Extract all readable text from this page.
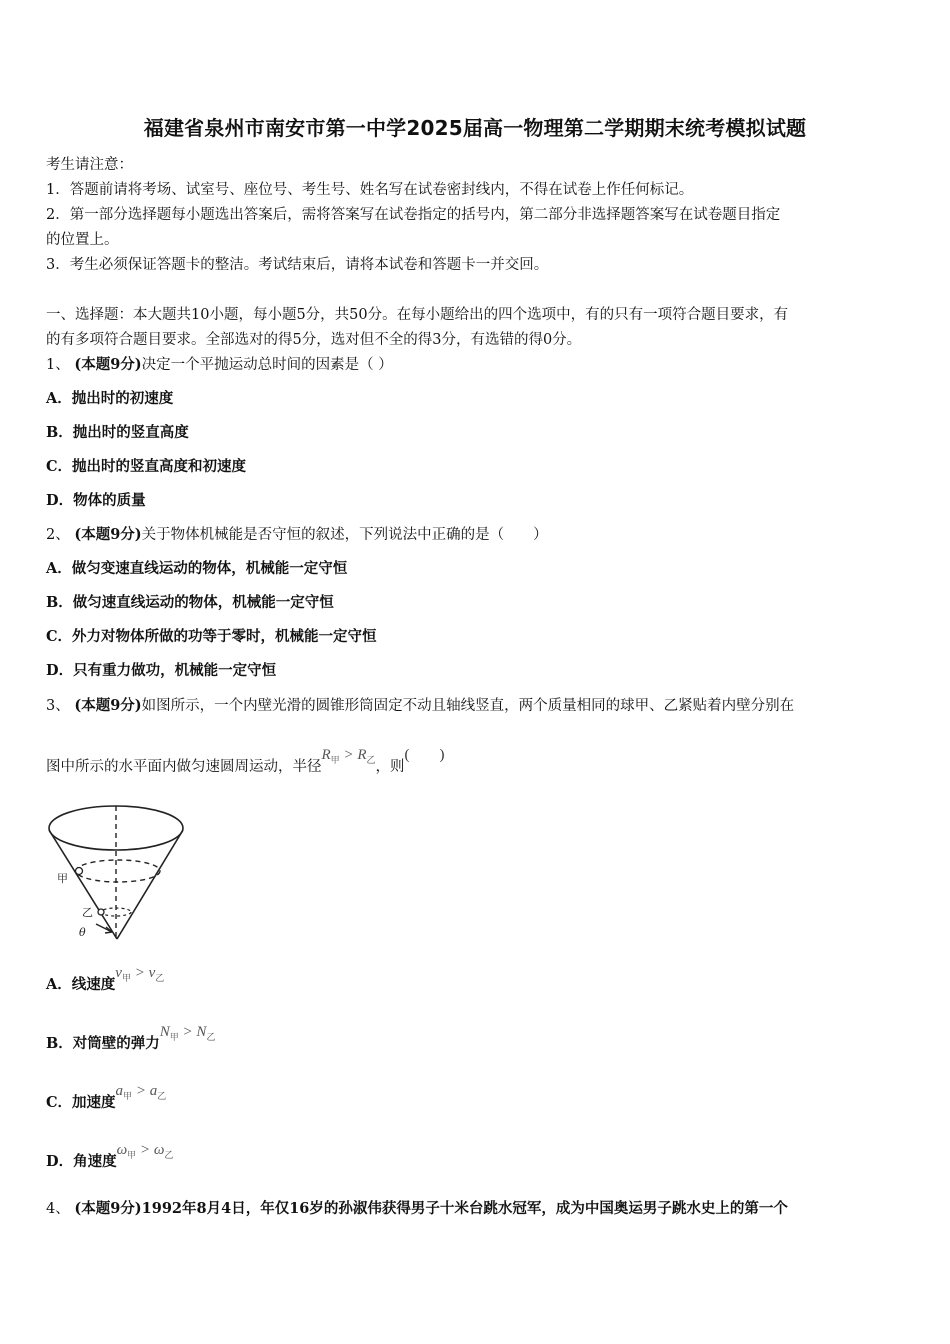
福建省泉州市南安市第一中学2025届高一物理第二学期期末统考模拟试题
考生请注意：
1．答题前请将考场、试室号、座位号、考生号、姓名写在试卷密封线内，不得在试卷上作任何标记。
2．第一部分选择题每小题选出答案后，需将答案写在试卷指定的括号内，第二部分非选择题答案写在试卷题目指定
的位置上。
3．考生必须保证答题卡的整洁。考试结束后，请将本试卷和答题卡一并交回。
一、选择题：本大题共10小题，每小题5分，共50分。在每小题给出的四个选项中，有的只有一项符合题目要求，有
的有多项符合题目要求。全部选对的得5分，选对但不全的得3分，有选错的得0分。
1、 (本题9分)决定一个平抛运动总时间的因素是（ ）
A．抛出时的初速度
B．抛出时的竖直高度
C．抛出时的竖直高度和初速度
D．物体的质量
2、 (本题9分)关于物体机械能是否守恒的叙述，下列说法中正确的是（　　）
A．做匀变速直线运动的物体，机械能一定守恒
B．做匀速直线运动的物体，机械能一定守恒
C．外力对物体所做的功等于零时，机械能一定守恒
D．只有重力做功，机械能一定守恒
3、 (本题9分)如图所示，一个内壁光滑的圆锥形筒固定不动且轴线竖直，两个质量相同的球甲、乙紧贴着内壁分别在
图中所示的水平面内做匀速圆周运动，半径$R_甲 > R_乙$，则(　　)
甲
乙
θ
A．线速度$v_甲 > v_乙$
B．对筒壁的弹力$N_甲 > N_乙$
C．加速度$a_甲 > a_乙$
D．角速度$\omega_甲 > \omega_乙$
4、 (本题9分)1992年8月4日，年仅16岁的孙淑伟获得男子十米台跳水冠军，成为中国奥运男子跳水史上的第一个
